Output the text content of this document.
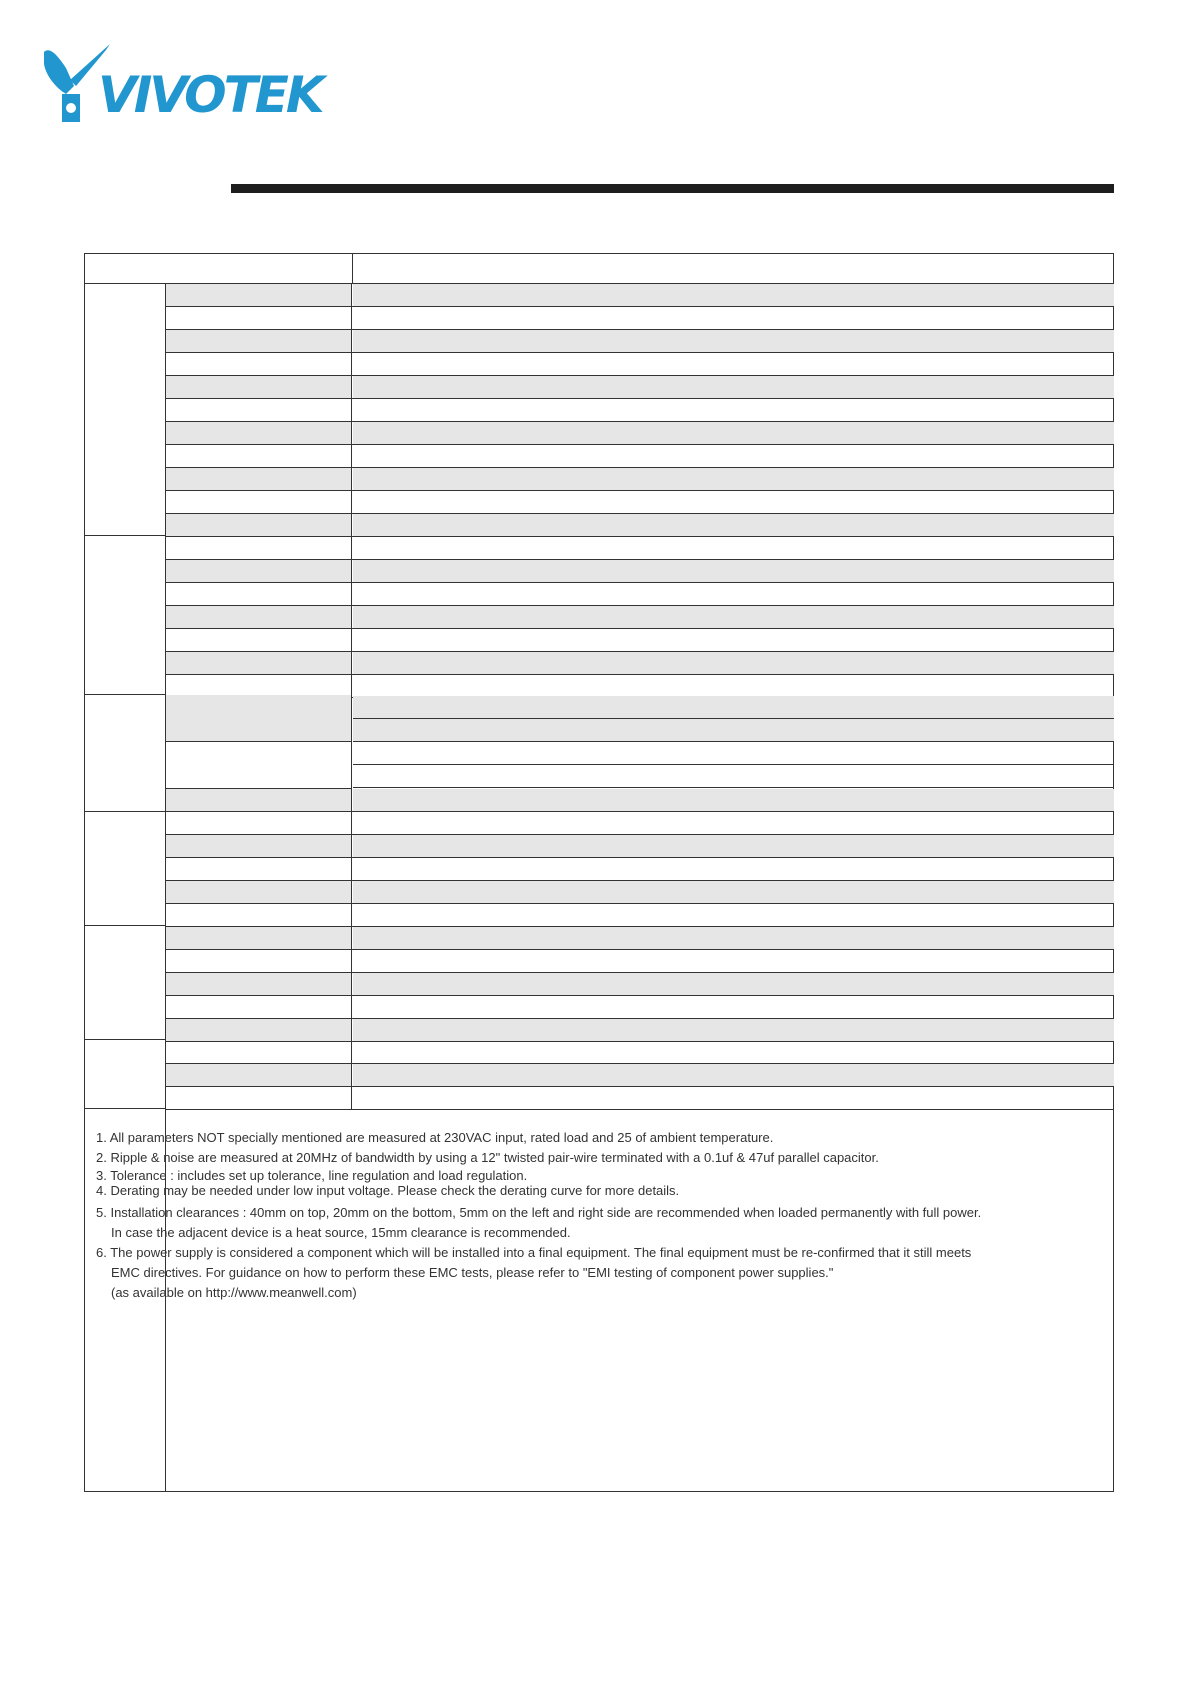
VIVOTEK
1. All parameters NOT specially mentioned are measured at 230VAC input, rated load and 25 of ambient temperature.
2. Ripple & noise are measured at 20MHz of bandwidth by using a 12" twisted pair-wire terminated with a 0.1uf & 47uf parallel capacitor.
3. Tolerance : includes set up tolerance, line regulation and load regulation.
4. Derating may be needed under low input voltage. Please check the derating curve for more details.
5. Installation clearances : 40mm on top, 20mm on the bottom, 5mm on the left and right side are recommended when loaded permanently with full power.
In case the adjacent device is a heat source, 15mm clearance is recommended.
6. The power supply is considered a component which will be installed into a final equipment. The final equipment must be re-confirmed that it still meets
EMC directives. For guidance on how to perform these EMC tests, please refer to "EMI testing of component power supplies."
(as available on http://www.meanwell.com)
